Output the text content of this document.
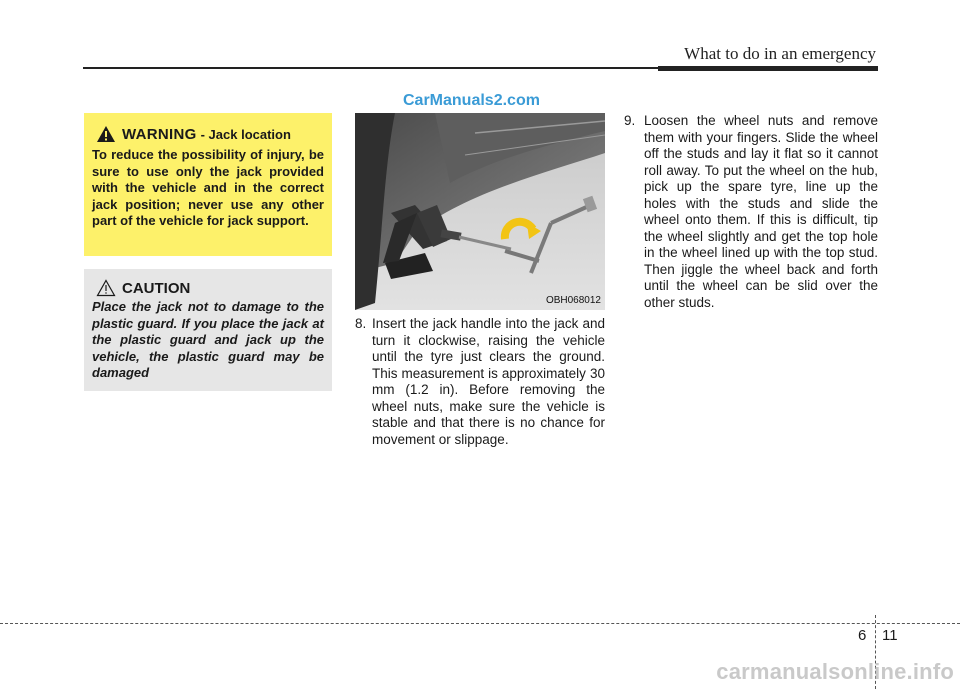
What to do in an emergency
CarManuals2.com
WARNING - Jack location
To reduce the possibility of injury, be sure to use only the jack provided with the vehicle and in the correct jack position; never use any other part of the vehicle for jack support.
CAUTION
Place the jack not to damage to the plastic guard. If you place the jack at the plastic guard and jack up the vehicle, the plastic guard may be damaged
OBH068012
8. Insert the jack handle into the jack and turn it clockwise, raising the vehicle until the tyre just clears the ground. This measurement is approximately 30 mm (1.2 in). Before removing the wheel nuts, make sure the vehicle is stable and that there is no chance for movement or slippage.
9. Loosen the wheel nuts and remove them with your fingers. Slide the wheel off the studs and lay it flat so it cannot roll away. To put the wheel on the hub, pick up the spare tyre, line up the holes with the studs and slide the wheel onto them. If this is difficult, tip the wheel slightly and get the top hole in the wheel lined up with the top stud. Then jiggle the wheel back and forth until the wheel can be slid over the other studs.
6 11
carmanualsonline.info
